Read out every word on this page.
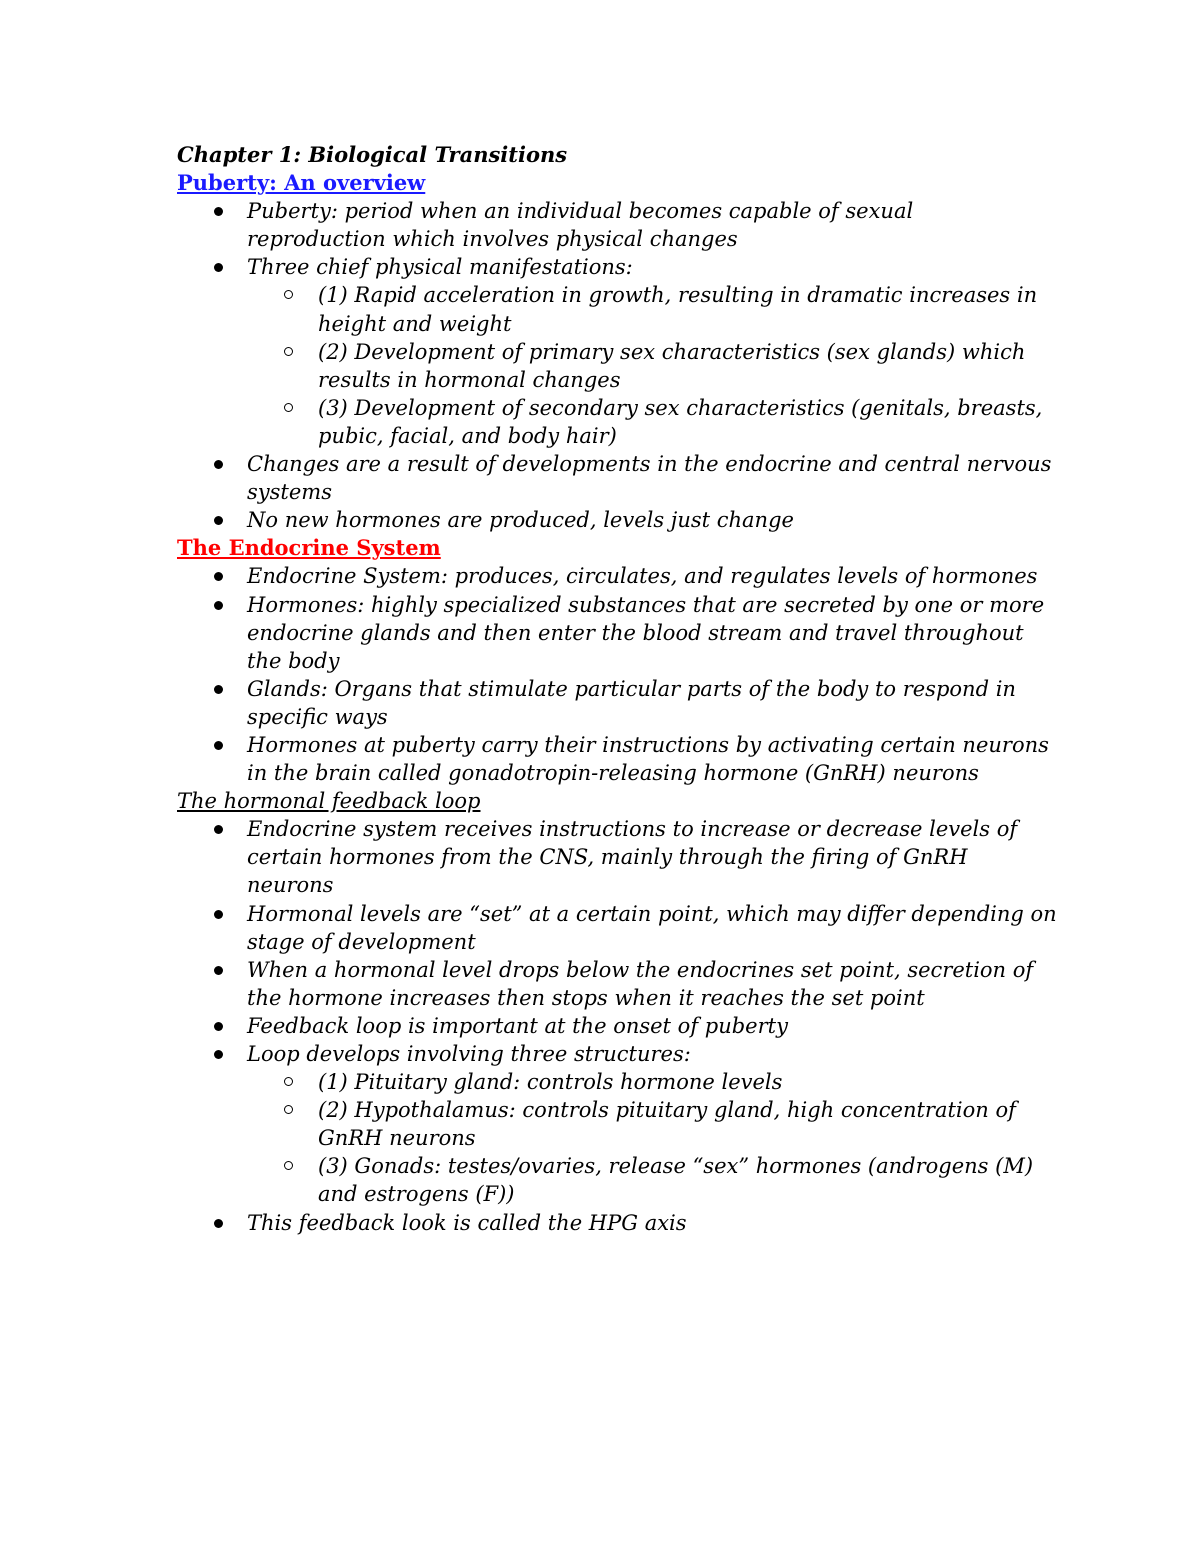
Chapter 1: Biological Transitions

Puberty: An overview

Puberty: period when an individual becomes capable of sexual reproduction which involves physical changes
Three chief physical manifestations:
(1) Rapid acceleration in growth, resulting in dramatic increases in height and weight
(2) Development of primary sex characteristics (sex glands) which results in hormonal changes
(3) Development of secondary sex characteristics (genitals, breasts, pubic, facial, and body hair)
Changes are a result of developments in the endocrine and central nervous systems
No new hormones are produced, levels just change

The Endocrine System

Endocrine System: produces, circulates, and regulates levels of hormones
Hormones: highly specialized substances that are secreted by one or more endocrine glands and then enter the blood stream and travel throughout the body
Glands: Organs that stimulate particular parts of the body to respond in specific ways
Hormones at puberty carry their instructions by activating certain neurons in the brain called gonadotropin-releasing hormone (GnRH) neurons

The hormonal feedback loop

Endocrine system receives instructions to increase or decrease levels of certain hormones from the CNS, mainly through the firing of GnRH neurons
Hormonal levels are “set” at a certain point, which may differ depending on stage of development
When a hormonal level drops below the endocrines set point, secretion of the hormone increases then stops when it reaches the set point
Feedback loop is important at the onset of puberty
Loop develops involving three structures:
(1) Pituitary gland: controls hormone levels
(2) Hypothalamus: controls pituitary gland, high concentration of GnRH neurons
(3) Gonads: testes/ovaries, release “sex” hormones (androgens (M) and estrogens (F))
This feedback look is called the HPG axis
